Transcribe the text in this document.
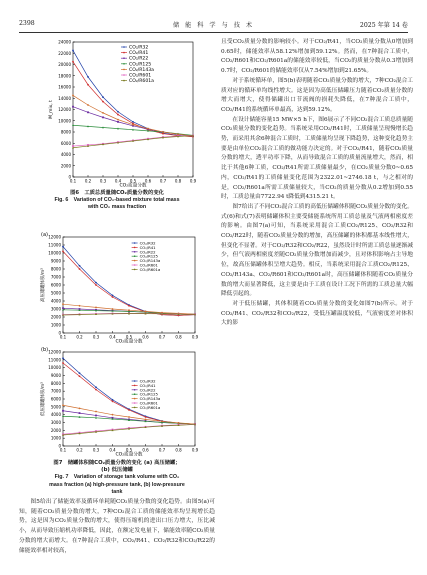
2398	储 能 科 学 与 技 术	2025 年第 14 卷
0
2000
4000
6000
8000
10000
12000
14000
16000
18000
20000
22000
24000
0.1 0.2 0.3 0.4 0.5 0.6 0.7 0.8 0.9
M_mix, t
CO₂质量分数
CO₂/R32
CO₂/R41
CO₂/R22
CO₂/R125
CO₂/R143a
CO₂/R601
CO₂/R601a
图6　工质总质量随CO₂质量分数的变化
Fig. 6　Variation of CO₂-based mixture total mass
with CO₂ mass fraction
0
1000
2000
3000
4000
5000
6000
7000
8000
9000
10000
11000
12000
0.1	0.2	0.3	0.4	0.5	0.6	0.7	0.8	0.9
高压储罐体积/m³
CO₂质量分数
(a)
CO₂/R32
CO₂/R41
CO₂/R22
CO₂/R125
CO₂/R143a
CO₂/R601
CO₂/R601a
0
1000
2000
3000
4000
5000
6000
7000
8000
9000
10000
11000
12000
0.1	0.2	0.3	0.4	0.5	0.6	0.7	0.8	0.9
低压储罐体积/m³
CO₂质量分数
(b)
CO₂/R32
CO₂/R41
CO₂/R22
CO₂/R125
CO₂/R143a
CO₂/R601
CO₂/R601a
图7　储罐体积随CO₂质量分数的变化 (a) 高压储罐；
(b) 低压储罐
Fig. 7　Variation of storage tank volume with CO₂
mass fraction (a) high-pressure tank, (b) low-pressure
tank

图5给出了储能效率及循环单耗随CO₂质量分数的变化趋势。由图5(a)可知，随着CO₂质量分数的增大，7种CO₂混合工质的储能效率均呈现增长趋势，这是因为CO₂质量分数的增大，使得压缩机的进出口压力增大，压比减小，从而导致压缩机功率降低，因此，在额定发电量下，储能效率随CO₂质量分数的增大而增大。在7种混合工质中，CO₂/R41、CO₂/R32和CO₂/R22的储能效率相对较高，

且受CO₂质量分数的影响较小。对于CO₂/R41，当CO₂质量分数从0增加到0.65时，储能效率从58.12%增加到59.12%。然而，在7种混合工质中，CO₂/R601和CO₂/R601a的储能效率较低，当CO₂的质量分数从0.3增加到0.7时，CO₂/R601的储能效率仅从7.54%增加到21.65%。

对于系统循环单，图5(b)表明随着CO₂质量分数的增大，7种CO₂混合工质对应的循环单均线性增大。这是因为高低压储罐压力随着CO₂质量分数的增大而增大，使得储罐出口节流阀的损耗失降低，在7种混合工质中，CO₂/R41的系统循环单最高，达到59.12%。

在设计储能容量15 MW×5 h下，图6展示了不同CO₂混合工质总质量随CO₂质量分数的变化趋势。当系统采用CO₂/R41时，工质储量呈现慢增长趋势，而采用其余6种混合工质时，工质储量均呈现下降趋势，这种变化趋势主要是由单位CO₂混合工质的做功能力决定的。对于CO₂/R41，随着CO₂质量分数的增大，透平功率下降，从而导致混合工质的质量流量增大，然而，相比于其他6种工质，CO₂/R41所需工质储量最少，在CO₂质量分数0~0.65内，CO₂/R41的工质储量变化范围为2322.01~2746.18 t，与之相对的是，CO₂/R601a所需工质储量较大，当CO₂的质量分数从0.2增加到0.55时，工质总量由7722.94 t降低到4315.21 t。

图7给出了不同CO₂混合工质的高低压储罐体积随CO₂质量分数的变化。式(6)和式(7)表明储罐体积主要受储能系统所用工质总量及气液两相密度差的影响。由图7(a)可知，当系统采用混合工质CO₂/R125、CO₂/R32和CO₂/R22时，随着CO₂质量分数的增加，高压储罐的体积都基本线性增大，但变化不显著。对于CO₂/R32和CO₂/R22，虽然设计时所需工质总量逐渐减少，但气液两相密度差随CO₂质量分数增加而减少，且对体积影响占主导地位，故高压储罐体积呈增大趋势。相反，当系统采用混合工质CO₂/R125、CO₂/R143a、CO₂/R601和CO₂/R601a时，高压储罐体积随着CO₂质量分数的增大而显著降低，这主要是由于工质在设计工况下所需的工质总量大幅降低引起的。

对于低压储罐，其体积随着CO₂质量分数的变化如图7(b)所示。对于CO₂/R41、CO₂/R32和CO₂/R22，受低压罐温度较低，气液密度差对体积大的影
